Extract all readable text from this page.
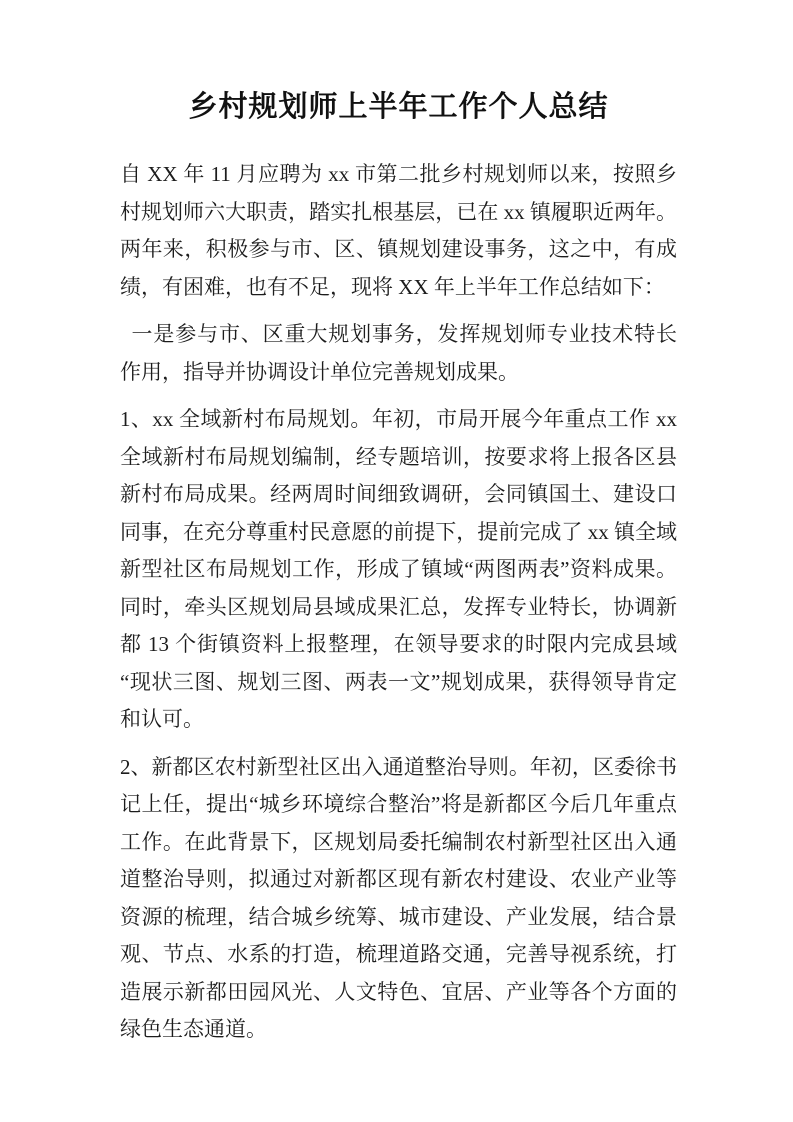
乡村规划师上半年工作个人总结

自 XX 年 11 月应聘为 xx 市第二批乡村规划师以来，按照乡村规划师六大职责，踏实扎根基层，已在 xx 镇履职近两年。两年来，积极参与市、区、镇规划建设事务，这之中，有成绩，有困难，也有不足，现将 XX 年上半年工作总结如下：

一是参与市、区重大规划事务，发挥规划师专业技术特长作用，指导并协调设计单位完善规划成果。

1、xx 全域新村布局规划。年初，市局开展今年重点工作 xx 全域新村布局规划编制，经专题培训，按要求将上报各区县新村布局成果。经两周时间细致调研，会同镇国土、建设口同事，在充分尊重村民意愿的前提下，提前完成了 xx 镇全域新型社区布局规划工作，形成了镇域“两图两表”资料成果。同时，牵头区规划局县域成果汇总，发挥专业特长，协调新都 13 个街镇资料上报整理，在领导要求的时限内完成县域“现状三图、规划三图、两表一文”规划成果，获得领导肯定和认可。

2、新都区农村新型社区出入通道整治导则。年初，区委徐书记上任，提出“城乡环境综合整治”将是新都区今后几年重点工作。在此背景下，区规划局委托编制农村新型社区出入通道整治导则，拟通过对新都区现有新农村建设、农业产业等资源的梳理，结合城乡统筹、城市建设、产业发展，结合景观、节点、水系的打造，梳理道路交通，完善导视系统，打造展示新都田园风光、人文特色、宜居、产业等各个方面的绿色生态通道。
